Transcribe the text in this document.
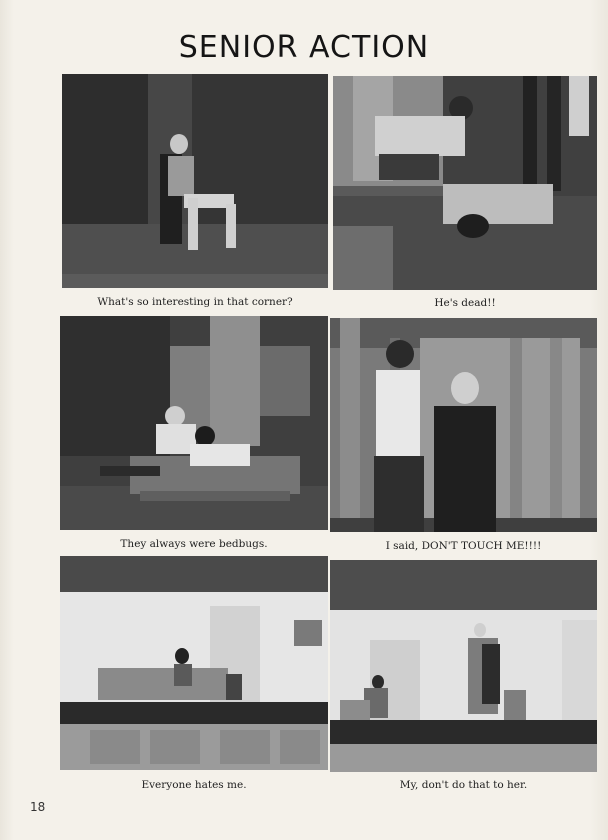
SENIOR ACTION
What's so interesting in that corner?	He's dead!!
They always were bedbugs.	I said, DON'T TOUCH ME!!!!
Everyone hates me.	My, don't do that to her.
18
